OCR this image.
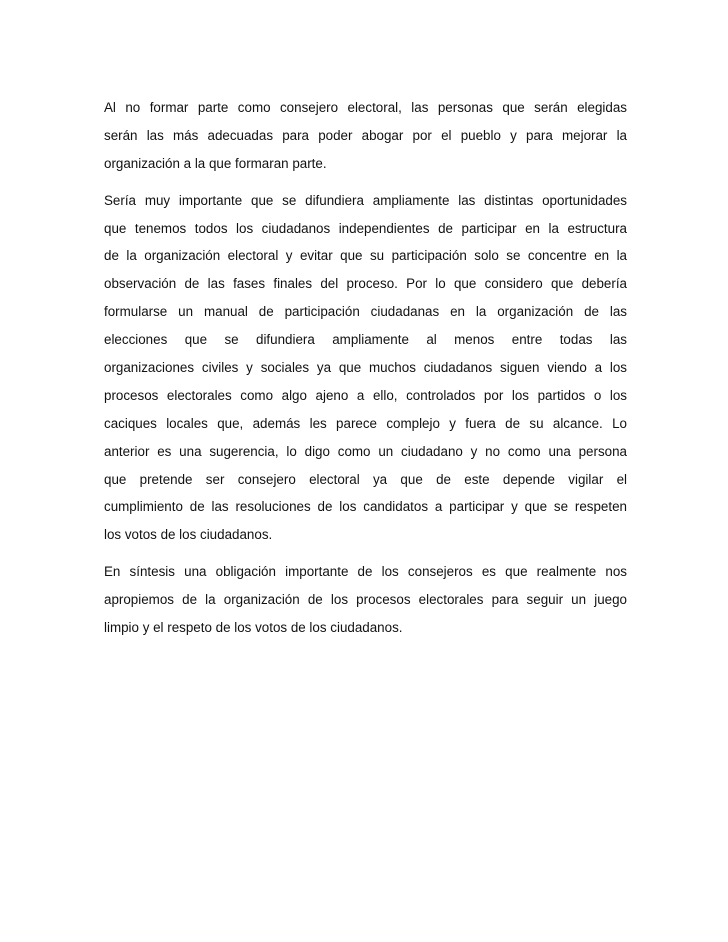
Al no formar parte como consejero electoral, las personas que serán elegidas
serán las más adecuadas para poder abogar por el pueblo y para mejorar la
organización a la que formaran parte.

Sería muy importante que se difundiera ampliamente las distintas oportunidades
que tenemos todos los ciudadanos independientes de participar en la estructura
de la organización electoral y evitar que su participación solo se concentre en la
observación de las fases finales del proceso. Por lo que considero que debería
formularse un manual de participación ciudadanas en la organización de las
elecciones que se difundiera ampliamente al menos entre todas las
organizaciones civiles y sociales ya que muchos ciudadanos siguen viendo a los
procesos electorales como algo ajeno a ello, controlados por los partidos o los
caciques locales que, además les parece complejo y fuera de su alcance. Lo
anterior es una sugerencia, lo digo como un ciudadano y no como una persona
que pretende ser consejero electoral ya que de este depende vigilar el
cumplimiento de las resoluciones de los candidatos a participar y que se respeten
los votos de los ciudadanos.

En síntesis una obligación importante de los consejeros es que realmente nos
apropiemos de la organización de los procesos electorales para seguir un juego
limpio y el respeto de los votos de los ciudadanos.
